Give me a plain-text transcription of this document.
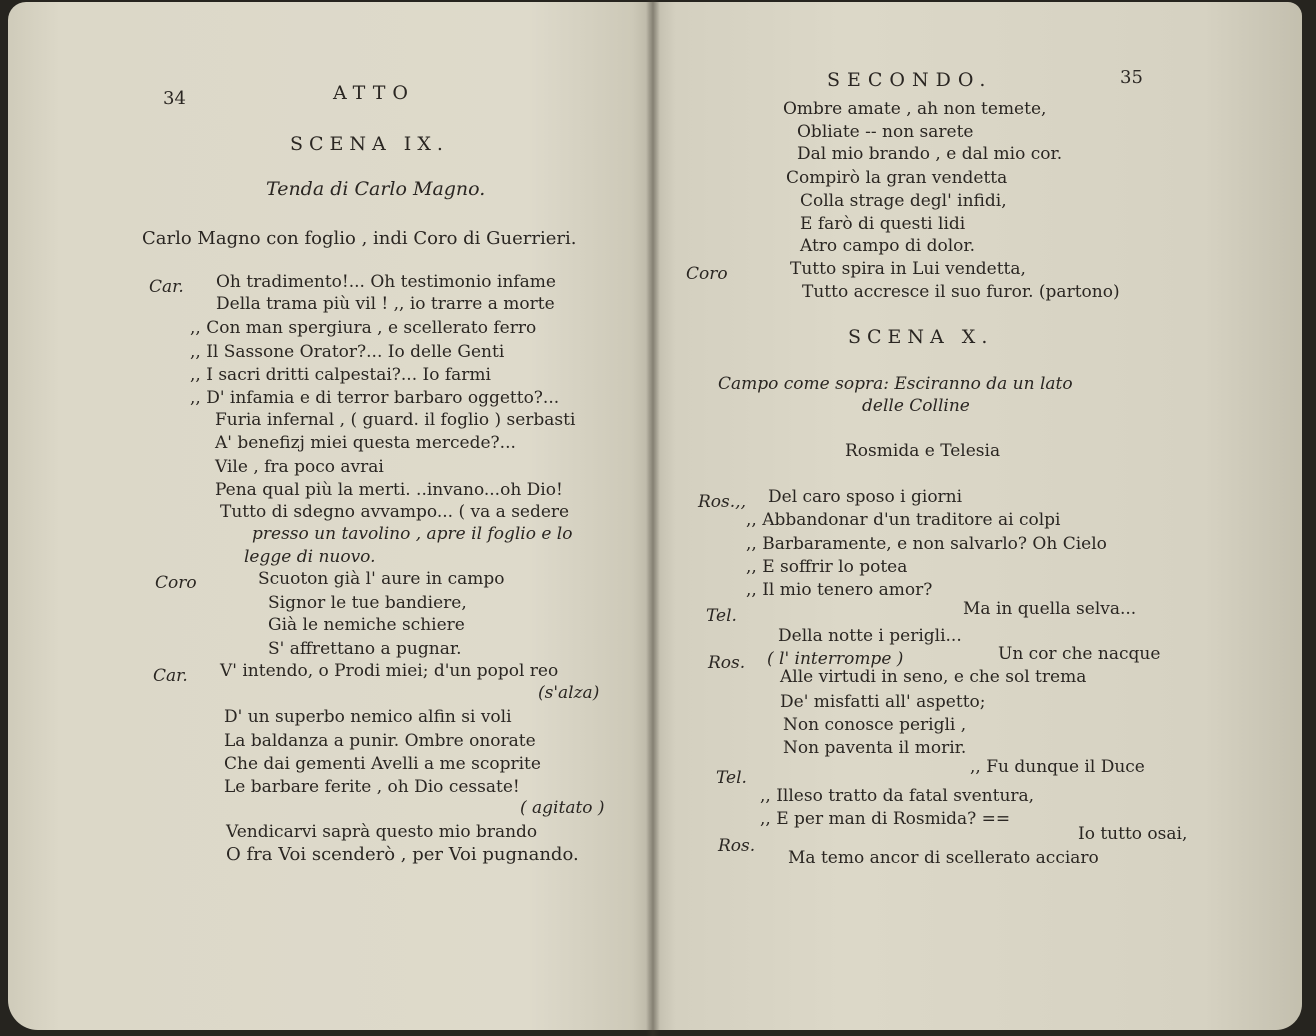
34	ATTO
SCENA IX.
Tenda di Carlo Magno.
Carlo Magno con foglio , indi Coro di Guerrieri.
Car. Oh tradimento!... Oh testimonio infame
Della trama più vil ! ,, io trarre a morte
,, Con man spergiura , e scellerato ferro
,, Il Sassone Orator?... Io delle Genti
,, I sacri dritti calpestai?... Io farmi
,, D' infamia e di terror barbaro oggetto?...
Furia infernal , ( guard. il foglio ) serbasti
A' benefizj miei questa mercede?...
Vile , fra poco avrai
Pena qual più la merti. ..invano...oh Dio!
Tutto di sdegno avvampo... ( va a sedere
presso un tavolino , apre il foglio e lo
legge di nuovo.
Coro	Scuoton già l' aure in campo
Signor le tue bandiere,
Già le nemiche schiere
S' affrettano a pugnar.
Car. V' intendo, o Prodi miei; d'un popol reo
(s'alza)
D' un superbo nemico alfin si voli
La baldanza a punir. Ombre onorate
Che dai gementi Avelli a me scoprite
Le barbare ferite , oh Dio cessate!
( agitato )
Vendicarvi saprà questo mio brando
O fra Voi scenderò , per Voi pugnando.
SECONDO.	35
Ombre amate , ah non temete,
Obliate -- non sarete
Dal mio brando , e dal mio cor.
Compirò la gran vendetta
Colla strage degl' infidi,
E farò di questi lidi
Atro campo di dolor.
Coro	Tutto spira in Lui vendetta,
Tutto accresce il suo furor. (partono)
SCENA X.
Campo come sopra: Esciranno da un lato
delle Colline
Rosmida e Telesia
Ros.,, Del caro sposo i giorni
,, Abbandonar d'un traditore ai colpi
,, Barbaramente, e non salvarlo? Oh Cielo
,, E soffrir lo potea
,, Il mio tenero amor?
Tel.	Ma in quella selva...
Della notte i perigli...
Ros. ( l' interrompe )	Un cor che nacque
Alle virtudi in seno, e che sol trema
De' misfatti all' aspetto;
Non conosce perigli ,
Non paventa il morir.
Tel.
,, Fu dunque il Duce
,, Illeso tratto da fatal sventura,
,, E per man di Rosmida? ==
Ros.
Io tutto osai,
Ma temo ancor di scellerato acciaro
